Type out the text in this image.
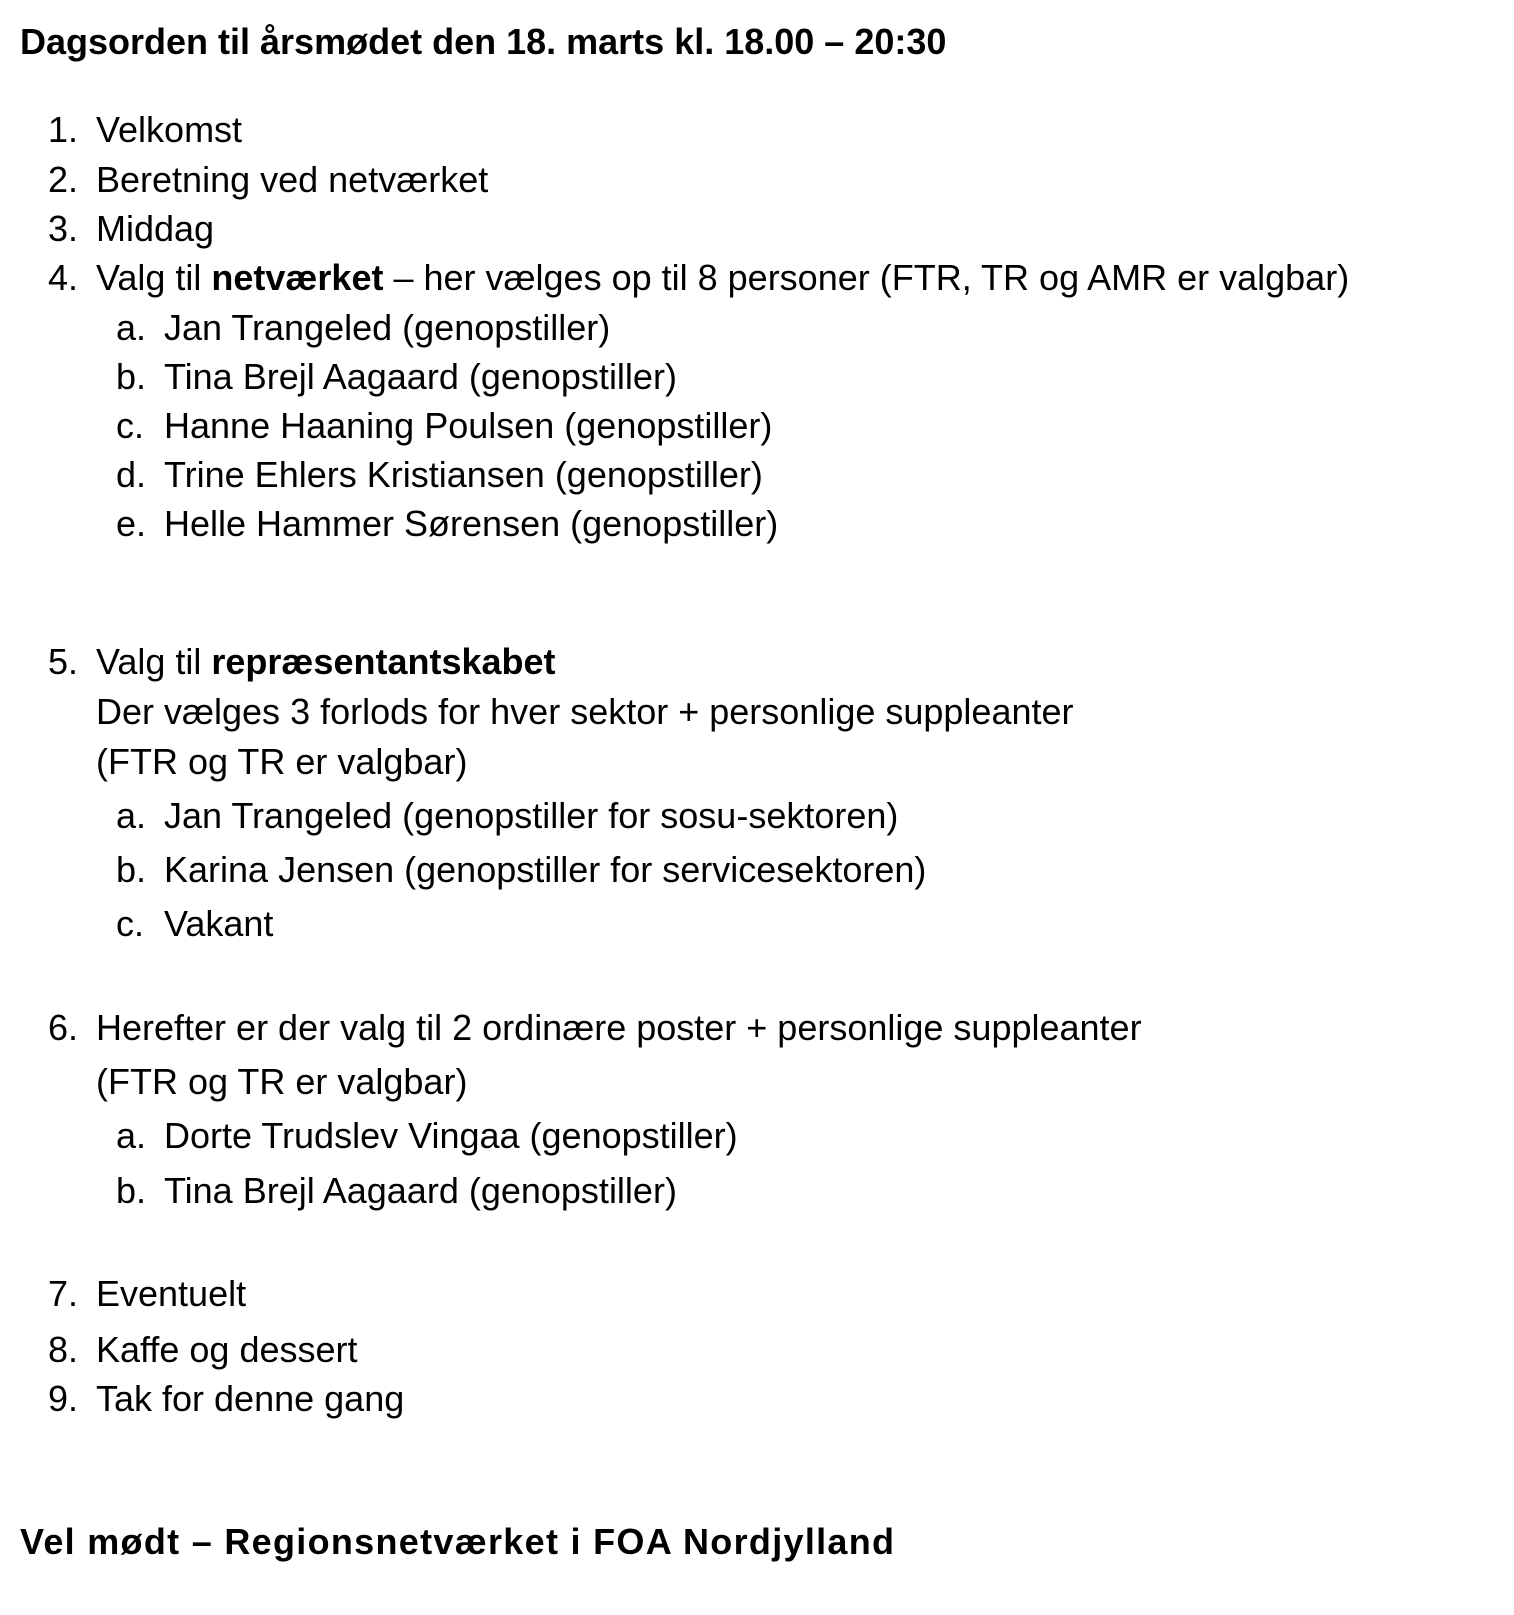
Dagsorden til årsmødet den 18. marts kl. 18.00 – 20:30
1. Velkomst
2. Beretning ved netværket
3. Middag
4. Valg til netværket – her vælges op til 8 personer (FTR, TR og AMR er valgbar)
a. Jan Trangeled (genopstiller)
b. Tina Brejl Aagaard (genopstiller)
c. Hanne Haaning Poulsen (genopstiller)
d. Trine Ehlers Kristiansen (genopstiller)
e. Helle Hammer Sørensen (genopstiller)
5. Valg til repræsentantskabet
Der vælges 3 forlods for hver sektor + personlige suppleanter
(FTR og TR er valgbar)
a. Jan Trangeled (genopstiller for sosu-sektoren)
b. Karina Jensen (genopstiller for servicesektoren)
c. Vakant
6. Herefter er der valg til 2 ordinære poster + personlige suppleanter
(FTR og TR er valgbar)
a. Dorte Trudslev Vingaa (genopstiller)
b. Tina Brejl Aagaard (genopstiller)
7. Eventuelt
8. Kaffe og dessert
9. Tak for denne gang
Vel mødt – Regionsnetværket i FOA Nordjylland
